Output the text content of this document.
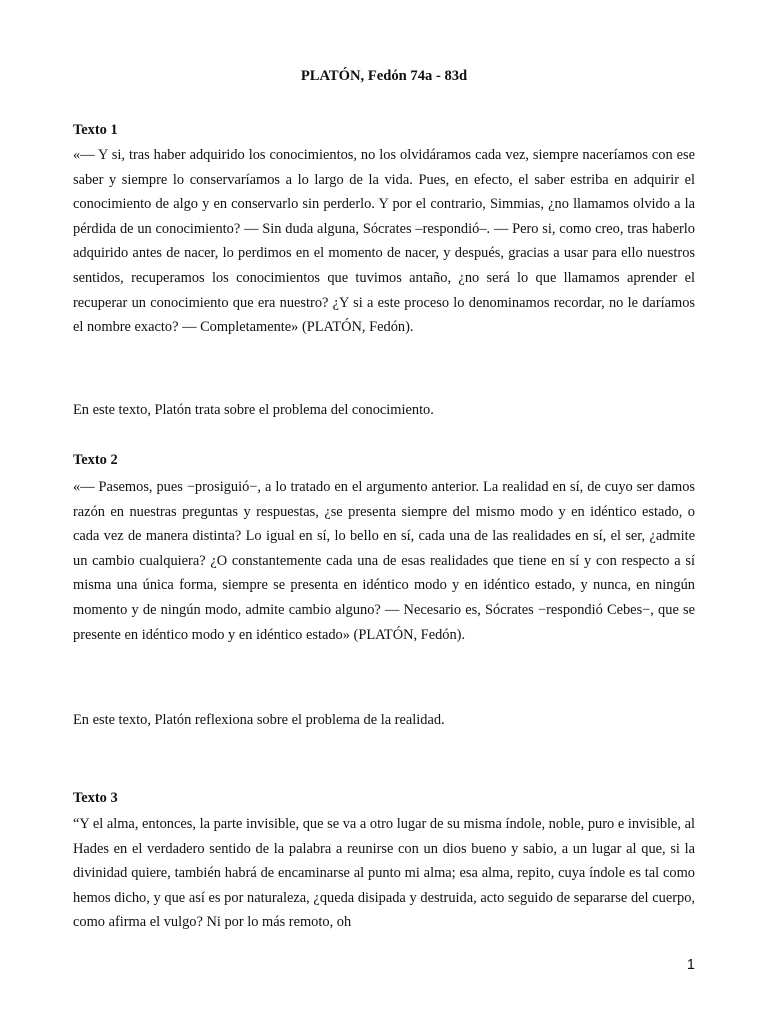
PLATÓN, Fedón 74a - 83d
Texto 1
«— Y si, tras haber adquirido los conocimientos, no los olvidáramos cada vez, siempre naceríamos con ese saber y siempre lo conservaríamos a lo largo de la vida. Pues, en efecto, el saber estriba en adquirir el conocimiento de algo y en conservarlo sin perderlo. Y por el contrario, Simmias, ¿no llamamos olvido a la pérdida de un conocimiento? — Sin duda alguna, Sócrates –respondió–. — Pero si, como creo, tras haberlo adquirido antes de nacer, lo perdimos en el momento de nacer, y después, gracias a usar para ello nuestros sentidos, recuperamos los conocimientos que tuvimos antaño, ¿no será lo que llamamos aprender el recuperar un conocimiento que era nuestro? ¿Y si a este proceso lo denominamos recordar, no le daríamos el nombre exacto? — Completamente» (PLATÓN, Fedón).
En este texto, Platón trata sobre el problema del conocimiento.
Texto 2
«— Pasemos, pues −prosiguió−, a lo tratado en el argumento anterior. La realidad en sí, de cuyo ser damos razón en nuestras preguntas y respuestas, ¿se presenta siempre del mismo modo y en idéntico estado, o cada vez de manera distinta? Lo igual en sí, lo bello en sí, cada una de las realidades en sí, el ser, ¿admite un cambio cualquiera? ¿O constantemente cada una de esas realidades que tiene en sí y con respecto a sí misma una única forma, siempre se presenta en idéntico modo y en idéntico estado, y nunca, en ningún momento y de ningún modo, admite cambio alguno? — Necesario es, Sócrates −respondió Cebes−, que se presente en idéntico modo y en idéntico estado» (PLATÓN, Fedón).
En este texto, Platón reflexiona sobre el problema de la realidad.
Texto 3
“Y el alma, entonces, la parte invisible, que se va a otro lugar de su misma índole, noble, puro e invisible, al Hades en el verdadero sentido de la palabra a reunirse con un dios bueno y sabio, a un lugar al que, si la divinidad quiere, también habrá de encaminarse al punto mi alma; esa alma, repito, cuya índole es tal como hemos dicho, y que así es por naturaleza, ¿queda disipada y destruida, acto seguido de separarse del cuerpo, como afirma el vulgo? Ni por lo más remoto, oh
1
